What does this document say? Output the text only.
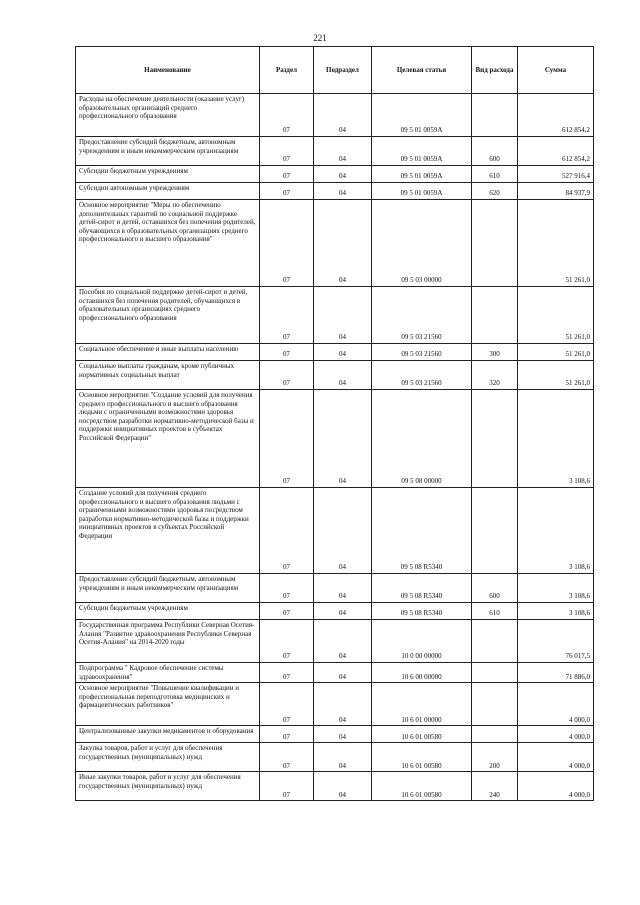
221
Наименование	Раздел	Подраздел	Целевая статья	Вид расхода	Сумма
Расходы на обеспечение деятельности (оказание услуг) образовательных организаций среднего профессионального образования	07	04	09 5 01 0059А		612 854,2
Предоставление субсидий бюджетным, автономным учреждениям и иным некоммерческим организациям	07	04	09 5 01 0059А	600	612 854,2
Субсидии бюджетным учреждениям	07	04	09 5 01 0059А	610	527 916,4
Субсидии автономным учреждениям	07	04	09 5 01 0059А	620	84 937,9
Основное мероприятие "Меры по обеспечению дополнительных гарантий по социальной поддержке детей-сирот и детей, оставшихся без попечения родителей, обучающихся в образовательных организациях среднего профессионального и высшего образования"	07	04	09 5 03 00000		51 261,0
Пособия по социальной поддержке детей-сирот и детей, оставшихся без попечения родителей, обучающихся в образовательных организациях среднего профессионального образования	07	04	09 5 03 21560		51 261,0
Социальное обеспечение и иные выплаты населению	07	04	09 5 03 21560	300	51 261,0
Социальные выплаты гражданам, кроме публичных нормативных социальных выплат	07	04	09 5 03 21560	320	51 261,0
Основное мероприятие "Создание условий для получения среднего профессионального и высшего образования людьми с ограниченными возможностями здоровья посредством разработки нормативно-методической базы и поддержки инициативных проектов в субъектах Российской Федерации"	07	04	09 5 08 00000		3 108,6
Создание условий для получения среднего профессионального и высшего образования людьми с ограниченными возможностями здоровья посредством разработки нормативно-методической базы и поддержки инициативных проектов в субъектах Российской Федерации	07	04	09 5 08 R5340		3 108,6
Предоставление субсидий бюджетным, автономным учреждениям и иным некоммерческим организациям	07	04	09 5 08 R5340	600	3 108,6
Субсидии бюджетным учреждениям	07	04	09 5 08 R5340	610	3 108,6
Государственная программа Республики Северная Осетия-Алания "Развитие здравоохранения Республики Северная Осетия-Алания" на 2014-2020 годы	07	04	10 0 00 00000		76 017,5
Подпрограмма " Кадровое обеспечение системы здравоохранения"	07	04	10 6 00 00000		71 886,0
Основное мероприятие "Повышение квалификации и профессиональная переподготовка медицинских и фармацевтических работников"	07	04	10 6 01 00000		4 000,0
Централизованные закупки медикаментов и оборудования	07	04	10 6 01 00580		4 000,0
Закупка товаров, работ и услуг для обеспечения государственных (муниципальных) нужд	07	04	10 6 01 00580	200	4 000,0
Иные закупки товаров, работ и услуг для обеспечения государственных (муниципальных) нужд	07	04	10 6 01 00580	240	4 000,0
